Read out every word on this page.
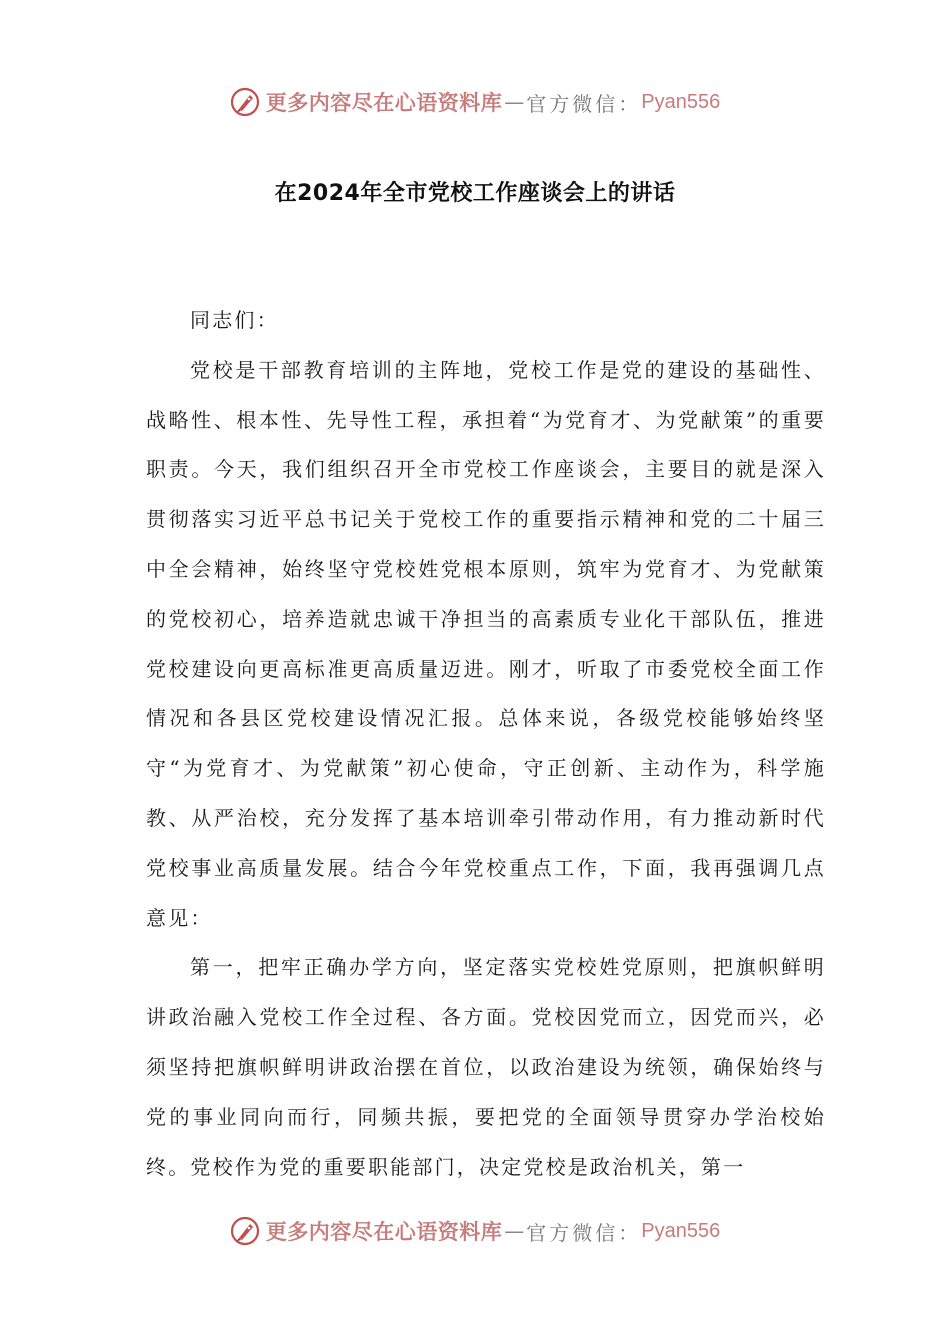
更多内容尽在心语资料库 — 官方微信： Pyan556
在2024年全市党校工作座谈会上的讲话

同志们：

党校是干部教育培训的主阵地，党校工作是党的建设的基础性、战略性、根本性、先导性工程，承担着“为党育才、为党献策”的重要职责。今天，我们组织召开全市党校工作座谈会，主要目的就是深入贯彻落实习近平总书记关于党校工作的重要指示精神和党的二十届三中全会精神，始终坚守党校姓党根本原则，筑牢为党育才、为党献策的党校初心，培养造就忠诚干净担当的高素质专业化干部队伍，推进党校建设向更高标准更高质量迈进。刚才，听取了市委党校全面工作情况和各县区党校建设情况汇报。总体来说，各级党校能够始终坚守“为党育才、为党献策”初心使命，守正创新、主动作为，科学施教、从严治校，充分发挥了基本培训牵引带动作用，有力推动新时代党校事业高质量发展。结合今年党校重点工作，下面，我再强调几点意见：

第一，把牢正确办学方向，坚定落实党校姓党原则，把旗帜鲜明讲政治融入党校工作全过程、各方面。党校因党而立，因党而兴，必须坚持把旗帜鲜明讲政治摆在首位，以政治建设为统领，确保始终与党的事业同向而行，同频共振，要把党的全面领导贯穿办学治校始终。党校作为党的重要职能部门，决定党校是政治机关，第一

更多内容尽在心语资料库 — 官方微信： Pyan556
